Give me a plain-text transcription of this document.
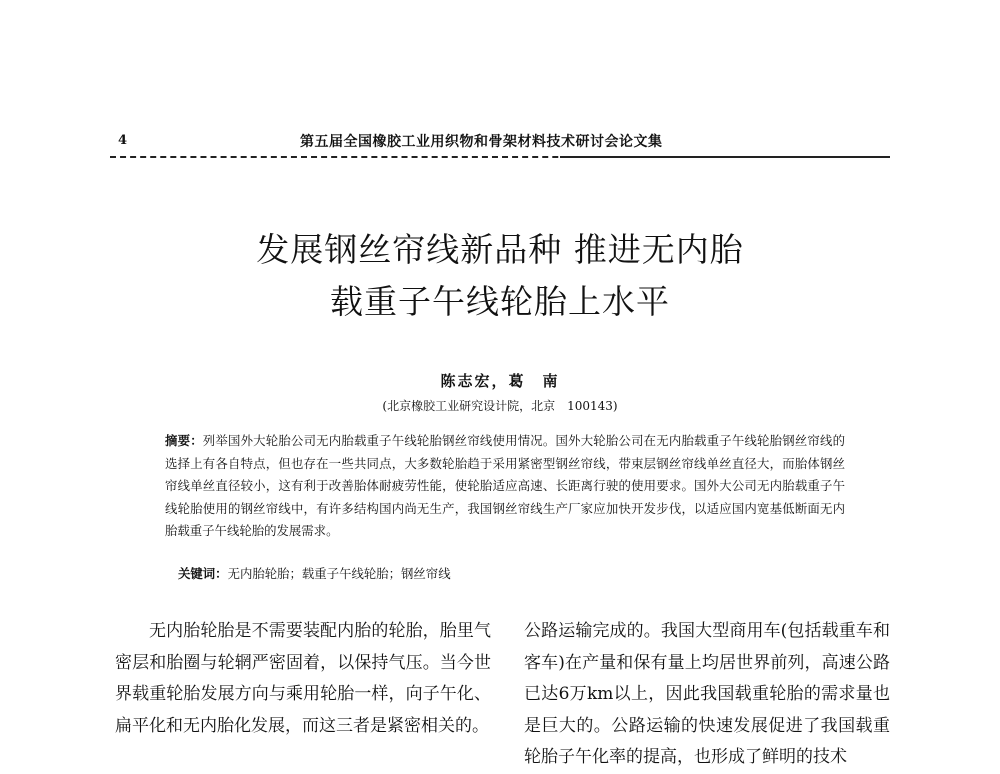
4	第五届全国橡胶工业用织物和骨架材料技术研讨会论文集
发展钢丝帘线新品种 推进无内胎
载重子午线轮胎上水平
陈志宏，葛　南
(北京橡胶工业研究设计院，北京　100143)
摘要：列举国外大轮胎公司无内胎载重子午线轮胎钢丝帘线使用情况。国外大轮胎公司在无内胎载重子午线轮胎钢丝帘线的选择上有各自特点，但也存在一些共同点，大多数轮胎趋于采用紧密型钢丝帘线，带束层钢丝帘线单丝直径大，而胎体钢丝帘线单丝直径较小，这有利于改善胎体耐疲劳性能，使轮胎适应高速、长距离行驶的使用要求。国外大公司无内胎载重子午线轮胎使用的钢丝帘线中，有许多结构国内尚无生产，我国钢丝帘线生产厂家应加快开发步伐，以适应国内宽基低断面无内胎载重子午线轮胎的发展需求。
关键词：无内胎轮胎；载重子午线轮胎；钢丝帘线
无内胎轮胎是不需要装配内胎的轮胎，胎里气密层和胎圈与轮辋严密固着，以保持气压。当今世界载重轮胎发展方向与乘用轮胎一样，向子午化、扁平化和无内胎化发展，而这三者是紧密相关的。
公路运输完成的。我国大型商用车(包括载重车和客车)在产量和保有量上均居世界前列，高速公路已达6万km以上，因此我国载重轮胎的需求量也是巨大的。公路运输的快速发展促进了我国载重轮胎子午化率的提高，也形成了鲜明的技术
